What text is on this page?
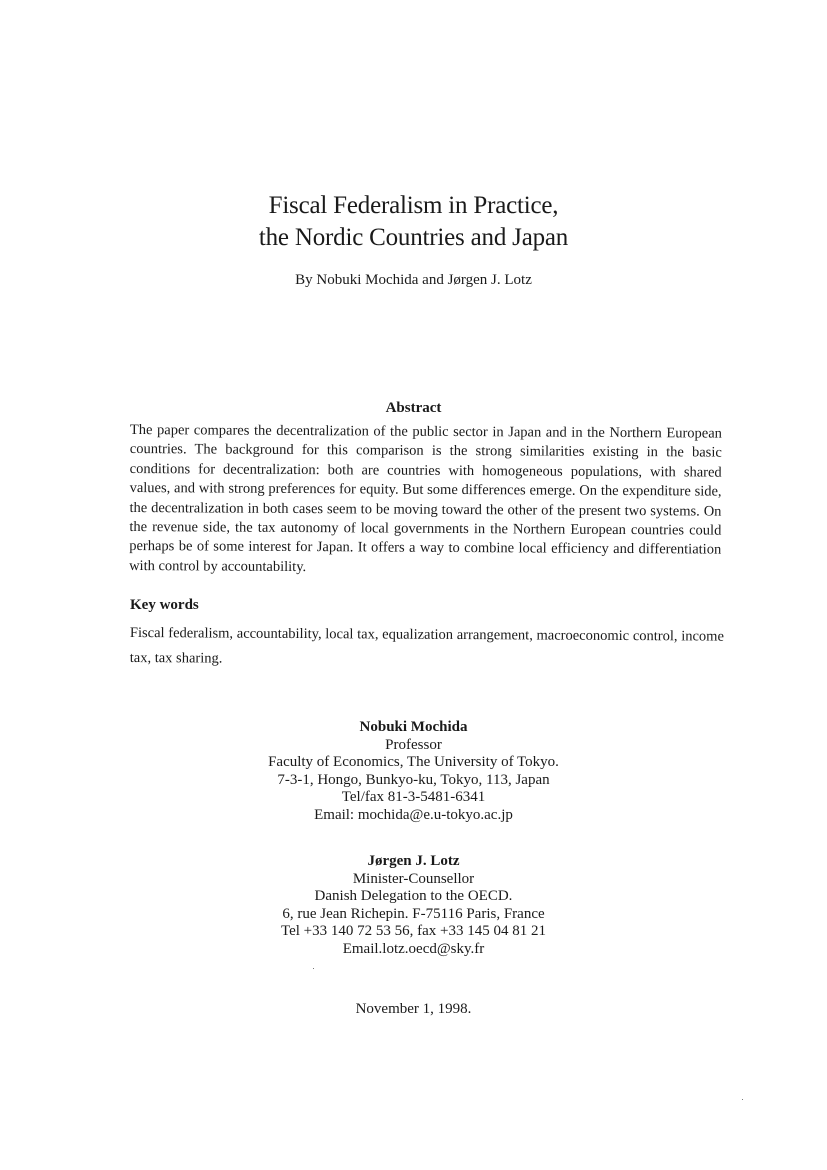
Fiscal Federalism in Practice,
the Nordic Countries and Japan
By Nobuki Mochida and Jørgen J. Lotz
Abstract

The paper compares the decentralization of the public sector in Japan and in the Northern European countries. The background for this comparison is the strong similarities existing in the basic conditions for decentralization: both are countries with homogeneous populations, with shared values, and with strong preferences for equity. But some differences emerge. On the expenditure side, the decentralization in both cases seem to be moving toward the other of the present two systems. On the revenue side, the tax autonomy of local governments in the Northern European countries could perhaps be of some interest for Japan. It offers a way to combine local efficiency and differentiation with control by accountability.

Key words

Fiscal federalism, accountability, local tax, equalization arrangement, macroeconomic control, income tax, tax sharing.

Nobuki Mochida
Professor
Faculty of Economics, The University of Tokyo.
7-3-1, Hongo, Bunkyo-ku, Tokyo, 113, Japan
Tel/fax 81-3-5481-6341
Email: mochida@e.u-tokyo.ac.jp
Jørgen J. Lotz
Minister-Counsellor
Danish Delegation to the OECD.
6, rue Jean Richepin. F-75116 Paris, France
Tel +33 140 72 53 56, fax +33 145 04 81 21
Email.lotz.oecd@sky.fr
November 1, 1998.
